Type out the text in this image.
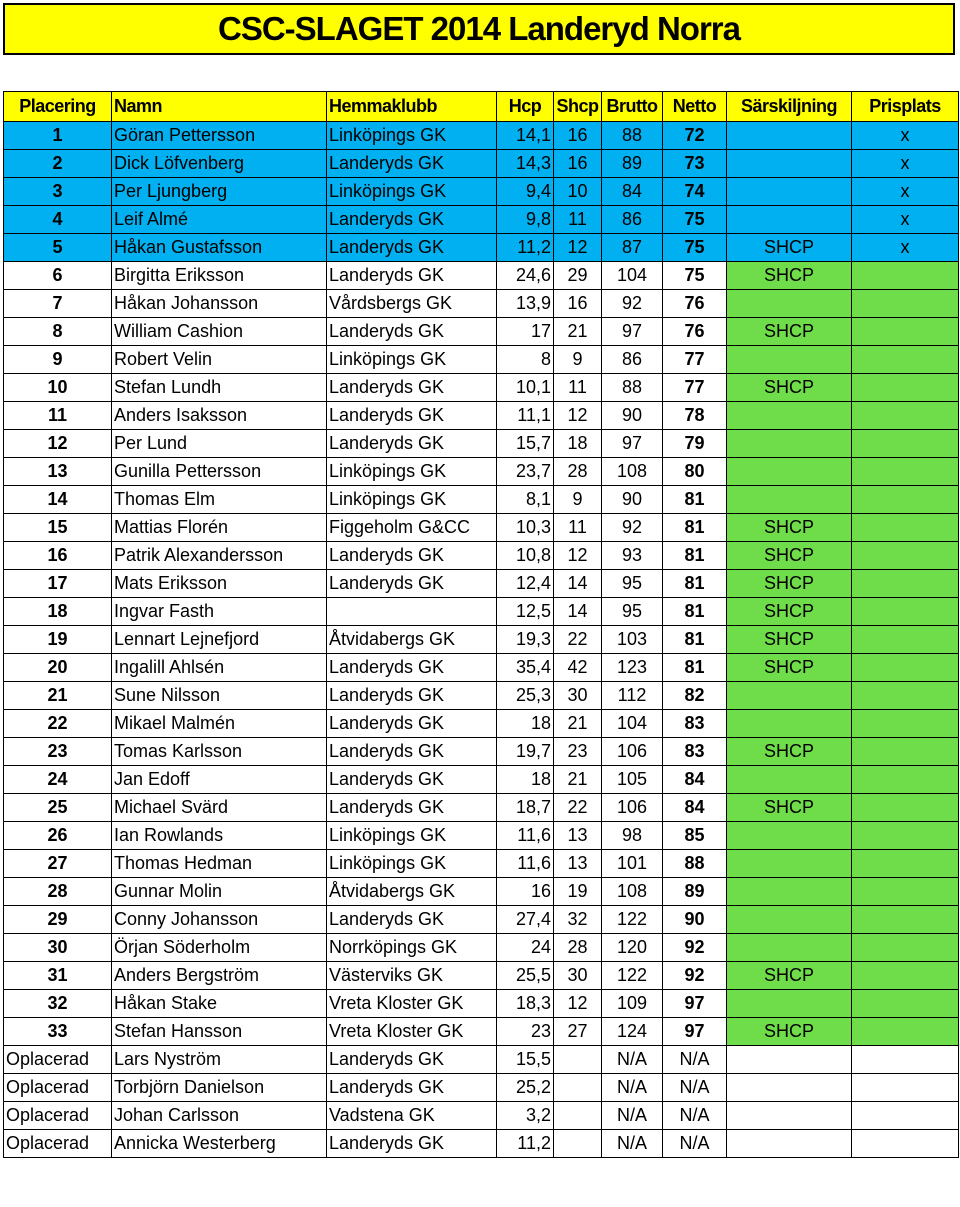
CSC-SLAGET 2014 Landeryd Norra
Placering	Namn	Hemmaklubb	Hcp	Shcp	Brutto	Netto	Särskiljning	Prisplats
1	Göran Pettersson	Linköpings GK	14,1	16	88	72		x
2	Dick Löfvenberg	Landeryds GK	14,3	16	89	73		x
3	Per Ljungberg	Linköpings GK	9,4	10	84	74		x
4	Leif Almé	Landeryds GK	9,8	11	86	75		x
5	Håkan Gustafsson	Landeryds GK	11,2	12	87	75	SHCP	x
6	Birgitta Eriksson	Landeryds GK	24,6	29	104	75	SHCP	
7	Håkan Johansson	Vårdsbergs GK	13,9	16	92	76		
8	William Cashion	Landeryds GK	17	21	97	76	SHCP	
9	Robert Velin	Linköpings GK	8	9	86	77		
10	Stefan Lundh	Landeryds GK	10,1	11	88	77	SHCP	
11	Anders Isaksson	Landeryds GK	11,1	12	90	78		
12	Per Lund	Landeryds GK	15,7	18	97	79		
13	Gunilla Pettersson	Linköpings GK	23,7	28	108	80		
14	Thomas Elm	Linköpings GK	8,1	9	90	81		
15	Mattias Florén	Figgeholm G&CC	10,3	11	92	81	SHCP	
16	Patrik Alexandersson	Landeryds GK	10,8	12	93	81	SHCP	
17	Mats Eriksson	Landeryds GK	12,4	14	95	81	SHCP	
18	Ingvar Fasth		12,5	14	95	81	SHCP	
19	Lennart Lejnefjord	Åtvidabergs GK	19,3	22	103	81	SHCP	
20	Ingalill Ahlsén	Landeryds GK	35,4	42	123	81	SHCP	
21	Sune Nilsson	Landeryds GK	25,3	30	112	82		
22	Mikael Malmén	Landeryds GK	18	21	104	83		
23	Tomas Karlsson	Landeryds GK	19,7	23	106	83	SHCP	
24	Jan Edoff	Landeryds GK	18	21	105	84		
25	Michael Svärd	Landeryds GK	18,7	22	106	84	SHCP	
26	Ian Rowlands	Linköpings GK	11,6	13	98	85		
27	Thomas Hedman	Linköpings GK	11,6	13	101	88		
28	Gunnar Molin	Åtvidabergs GK	16	19	108	89		
29	Conny Johansson	Landeryds GK	27,4	32	122	90		
30	Örjan Söderholm	Norrköpings GK	24	28	120	92		
31	Anders Bergström	Västerviks GK	25,5	30	122	92	SHCP	
32	Håkan Stake	Vreta Kloster GK	18,3	12	109	97		
33	Stefan Hansson	Vreta Kloster GK	23	27	124	97	SHCP	
Oplacerad	Lars Nyström	Landeryds GK	15,5		N/A	N/A		
Oplacerad	Torbjörn Danielson	Landeryds GK	25,2		N/A	N/A		
Oplacerad	Johan Carlsson	Vadstena GK	3,2		N/A	N/A		
Oplacerad	Annicka Westerberg	Landeryds GK	11,2		N/A	N/A		
